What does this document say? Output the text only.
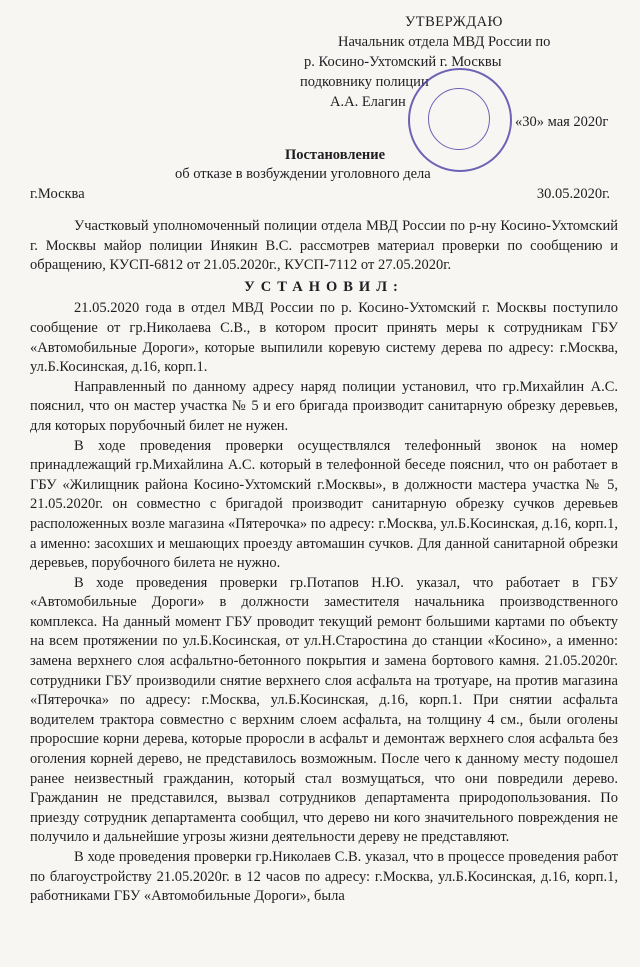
УТВЕРЖДАЮ
Начальник отдела МВД России по
р. Косино-Ухтомский г. Москвы
подковнику полиции
А.А. Елагин
«30» мая 2020г
Постановление
об отказе в возбуждении уголовного дела
г.Москва	30.05.2020г.

Участковый уполномоченный полиции отдела МВД России по р-ну Косино-Ухтомский г. Москвы майор полиции Инякин В.С. рассмотрев материал проверки по сообщению и обращению, КУСП-6812 от 21.05.2020г., КУСП-7112 от 27.05.2020г.

УСТАНОВИЛ:

21.05.2020 года в отдел МВД России по р. Косино-Ухтомский г. Москвы поступило сообщение от гр.Николаева С.В., в котором просит принять меры к сотрудникам ГБУ «Автомобильные Дороги», которые выпилили коревую систему дерева по адресу: г.Москва, ул.Б.Косинская, д.16, корп.1.

Направленный по данному адресу наряд полиции установил, что гр.Михайлин А.С. пояснил, что он мастер участка № 5 и его бригада производит санитарную обрезку деревьев, для которых порубочный билет не нужен.

В ходе проведения проверки осуществлялся телефонный звонок на номер принадлежащий гр.Михайлина А.С. который в телефонной беседе пояснил, что он работает в ГБУ «Жилищник района Косино-Ухтомский г.Москвы», в должности мастера участка № 5, 21.05.2020г. он совместно с бригадой производит санитарную обрезку сучков деревьев расположенных возле магазина «Пятерочка» по адресу: г.Москва, ул.Б.Косинская, д.16, корп.1, а именно: засохших и мешающих проезду автомашин сучков. Для данной санитарной обрезки деревьев, порубочного билета не нужно.

В ходе проведения проверки гр.Потапов Н.Ю. указал, что работает в ГБУ «Автомобильные Дороги» в должности заместителя начальника производственного комплекса. На данный момент ГБУ проводит текущий ремонт большими картами по объекту на всем протяжении по ул.Б.Косинская, от ул.Н.Старостина до станции «Косино», а именно: замена верхнего слоя асфальтно-бетонного покрытия и замена бортового камня. 21.05.2020г. сотрудники ГБУ производили снятие верхнего слоя асфальта на тротуаре, на против магазина «Пятерочка» по адресу: г.Москва, ул.Б.Косинская, д.16, корп.1. При снятии асфальта водителем трактора совместно с верхним слоем асфальта, на толщину 4 см., были оголены проросшие корни дерева, которые проросли в асфальт и демонтаж верхнего слоя асфальта без оголения корней дерево, не представилось возможным. После чего к данному месту подошел ранее неизвестный гражданин, который стал возмущаться, что они повредили дерево. Гражданин не представился, вызвал сотрудников департамента природопользования. По приезду сотрудник департамента сообщил, что дерево ни кого значительного повреждения не получило и дальнейшие угрозы жизни деятельности дереву не представляют.

В ходе проведения проверки гр.Николаев С.В. указал, что в процессе проведения работ по благоустройству 21.05.2020г. в 12 часов по адресу: г.Москва, ул.Б.Косинская, д.16, корп.1, работниками ГБУ «Автомобильные Дороги», была
